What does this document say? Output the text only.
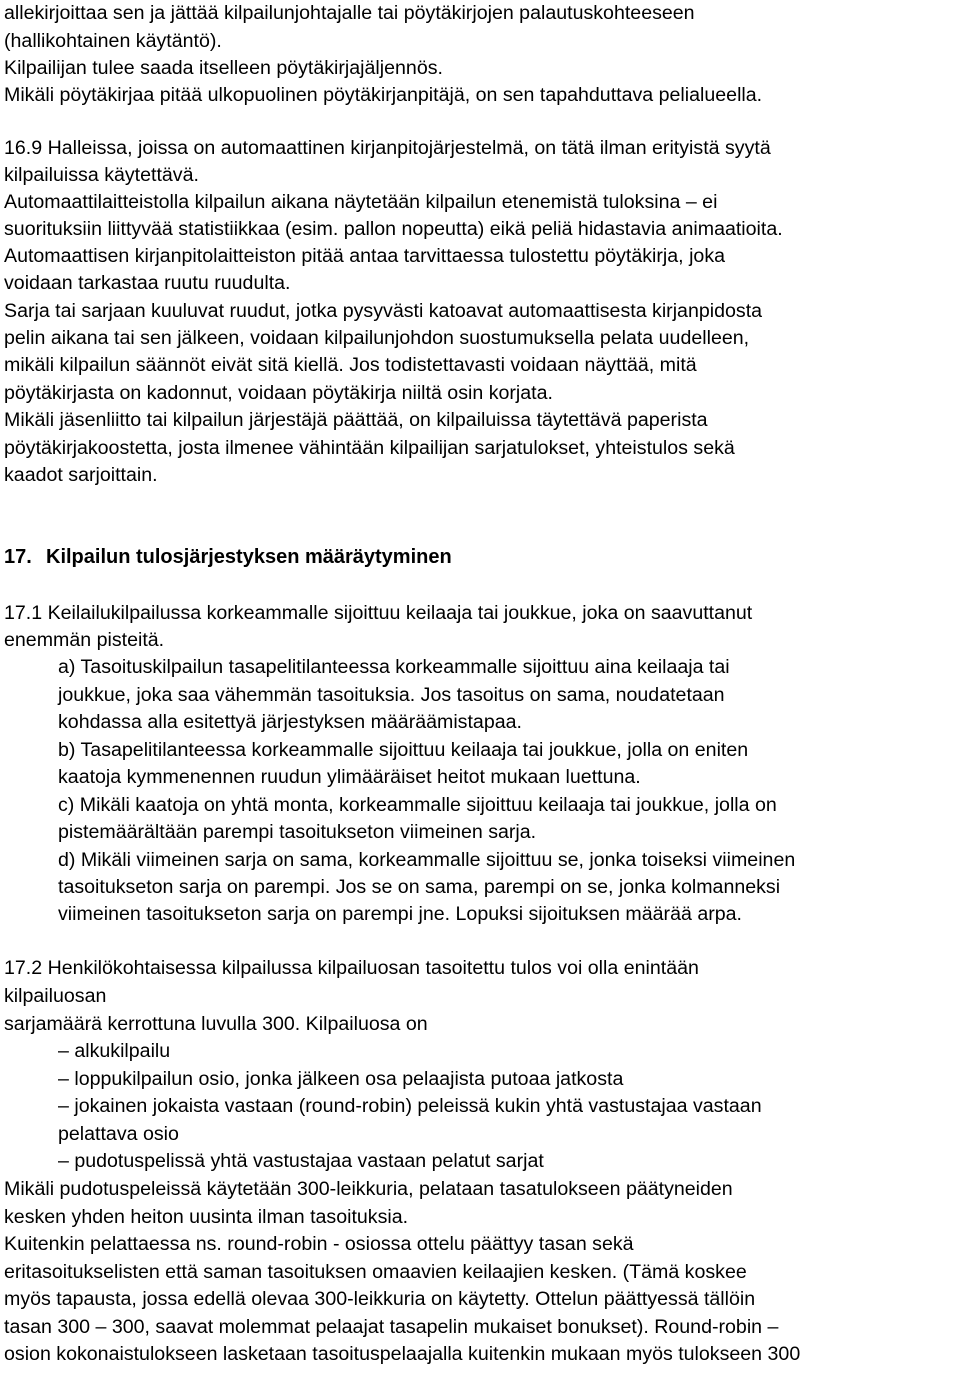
allekirjoittaa sen ja jättää kilpailunjohtajalle tai pöytäkirjojen palautuskohteeseen
(hallikohtainen käytäntö).
Kilpailijan tulee saada itselleen pöytäkirjajäljennös.
Mikäli pöytäkirjaa pitää ulkopuolinen pöytäkirjanpitäjä, on sen tapahduttava pelialueella.
16.9 Halleissa, joissa on automaattinen kirjanpitojärjestelmä, on tätä ilman erityistä syytä
kilpailuissa käytettävä.
Automaattilaitteistolla kilpailun aikana näytetään kilpailun etenemistä tuloksina – ei
suorituksiin liittyvää statistiikkaa (esim. pallon nopeutta) eikä peliä hidastavia animaatioita.
Automaattisen kirjanpitolaitteiston pitää antaa tarvittaessa tulostettu pöytäkirja, joka
voidaan tarkastaa ruutu ruudulta.
Sarja tai sarjaan kuuluvat ruudut, jotka pysyvästi katoavat automaattisesta kirjanpidosta
pelin aikana tai sen jälkeen, voidaan kilpailunjohdon suostumuksella pelata uudelleen,
mikäli kilpailun säännöt eivät sitä kiellä. Jos todistettavasti voidaan näyttää, mitä
pöytäkirjasta on kadonnut, voidaan pöytäkirja niiltä osin korjata.
Mikäli jäsenliitto tai kilpailun järjestäjä päättää, on kilpailuissa täytettävä paperista
pöytäkirjakoostetta, josta ilmenee vähintään kilpailijan sarjatulokset, yhteistulos sekä
kaadot sarjoittain.
17. Kilpailun tulosjärjestyksen määräytyminen
17.1 Keilailukilpailussa korkeammalle sijoittuu keilaaja tai joukkue, joka on saavuttanut
enemmän pisteitä.
a) Tasoituskilpailun tasapelitilanteessa korkeammalle sijoittuu aina keilaaja tai
joukkue, joka saa vähemmän tasoituksia. Jos tasoitus on sama, noudatetaan
kohdassa alla esitettyä järjestyksen määräämistapaa.
b) Tasapelitilanteessa korkeammalle sijoittuu keilaaja tai joukkue, jolla on eniten
kaatoja kymmenennen ruudun ylimääräiset heitot mukaan luettuna.
c) Mikäli kaatoja on yhtä monta, korkeammalle sijoittuu keilaaja tai joukkue, jolla on
pistemäärältään parempi tasoitukseton viimeinen sarja.
d) Mikäli viimeinen sarja on sama, korkeammalle sijoittuu se, jonka toiseksi viimeinen
tasoitukseton sarja on parempi. Jos se on sama, parempi on se, jonka kolmanneksi
viimeinen tasoitukseton sarja on parempi jne. Lopuksi sijoituksen määrää arpa.
17.2 Henkilökohtaisessa kilpailussa kilpailuosan tasoitettu tulos voi olla enintään
kilpailuosan
sarjamäärä kerrottuna luvulla 300. Kilpailuosa on
– alkukilpailu
– loppukilpailun osio, jonka jälkeen osa pelaajista putoaa jatkosta
– jokainen jokaista vastaan (round-robin) peleissä kukin yhtä vastustajaa vastaan
pelattava osio
– pudotuspelissä yhtä vastustajaa vastaan pelatut sarjat
Mikäli pudotuspeleissä käytetään 300-leikkuria, pelataan tasatulokseen päätyneiden
kesken yhden heiton uusinta ilman tasoituksia.
Kuitenkin pelattaessa ns. round-robin - osiossa ottelu päättyy tasan sekä
eritasoitukselisten että saman tasoituksen omaavien keilaajien kesken. (Tämä koskee
myös tapausta, jossa edellä olevaa 300-leikkuria on käytetty. Ottelun päättyessä tällöin
tasan 300 – 300, saavat molemmat pelaajat tasapelin mukaiset bonukset). Round-robin –
osion kokonaistulokseen lasketaan tasoituspelaajalla kuitenkin mukaan myös tulokseen 300
